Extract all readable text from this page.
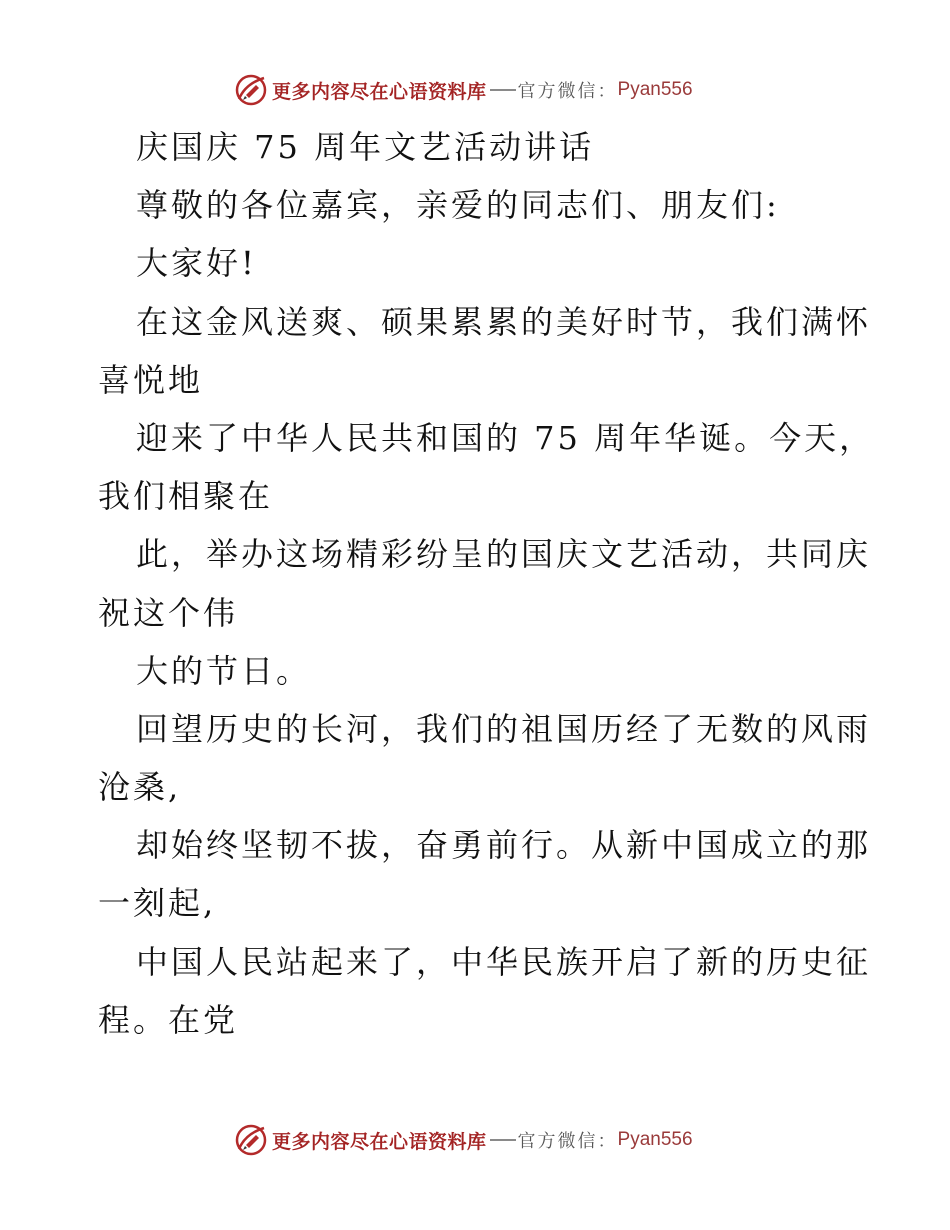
更多内容尽在心语资料库 官方微信： Pyan556
庆国庆 75 周年文艺活动讲话
尊敬的各位嘉宾，亲爱的同志们、朋友们:
大家好!
在这金风送爽、硕果累累的美好时节，我们满怀
喜悦地
迎来了中华人民共和国的 75 周年华诞。今天，
我们相聚在
此，举办这场精彩纷呈的国庆文艺活动，共同庆
祝这个伟
大的节日。
回望历史的长河，我们的祖国历经了无数的风雨
沧桑,
却始终坚韧不拔，奋勇前行。从新中国成立的那
一刻起,
中国人民站起来了，中华民族开启了新的历史征
程。在党
更多内容尽在心语资料库 官方微信： Pyan556
